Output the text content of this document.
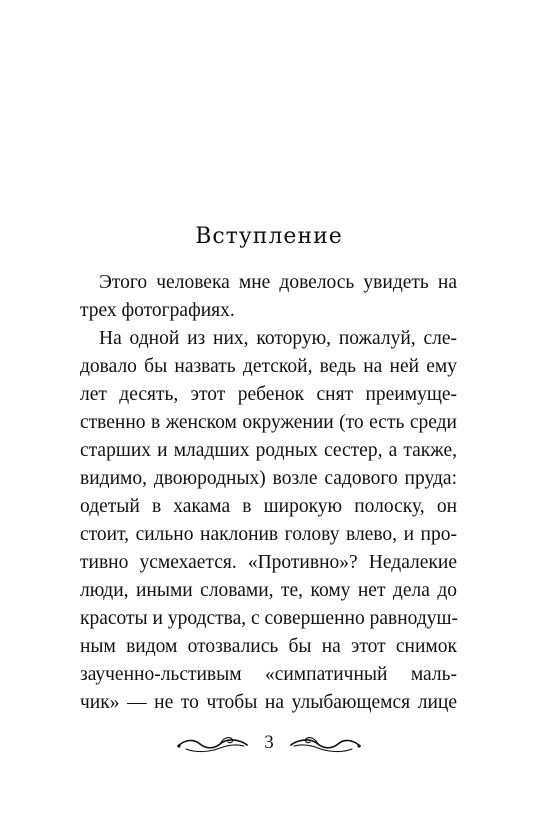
Вступление
Этого человека мне довелось увидеть на
трех фотографиях.
На одной из них, которую, пожалуй, сле-
довало бы назвать детской, ведь на ней ему
лет десять, этот ребенок снят преимуще-
ственно в женском окружении (то есть среди
старших и младших родных сестер, а также,
видимо, двоюродных) возле садового пруда:
одетый в хакама в широкую полоску, он
стоит, сильно наклонив голову влево, и про-
тивно усмехается. «Противно»? Недалекие
люди, иными словами, те, кому нет дела до
красоты и уродства, с совершенно равнодуш-
ным видом отозвались бы на этот снимок
заученно-льстивым «симпатичный маль-
чик» — не то чтобы на улыбающемся лице
3
